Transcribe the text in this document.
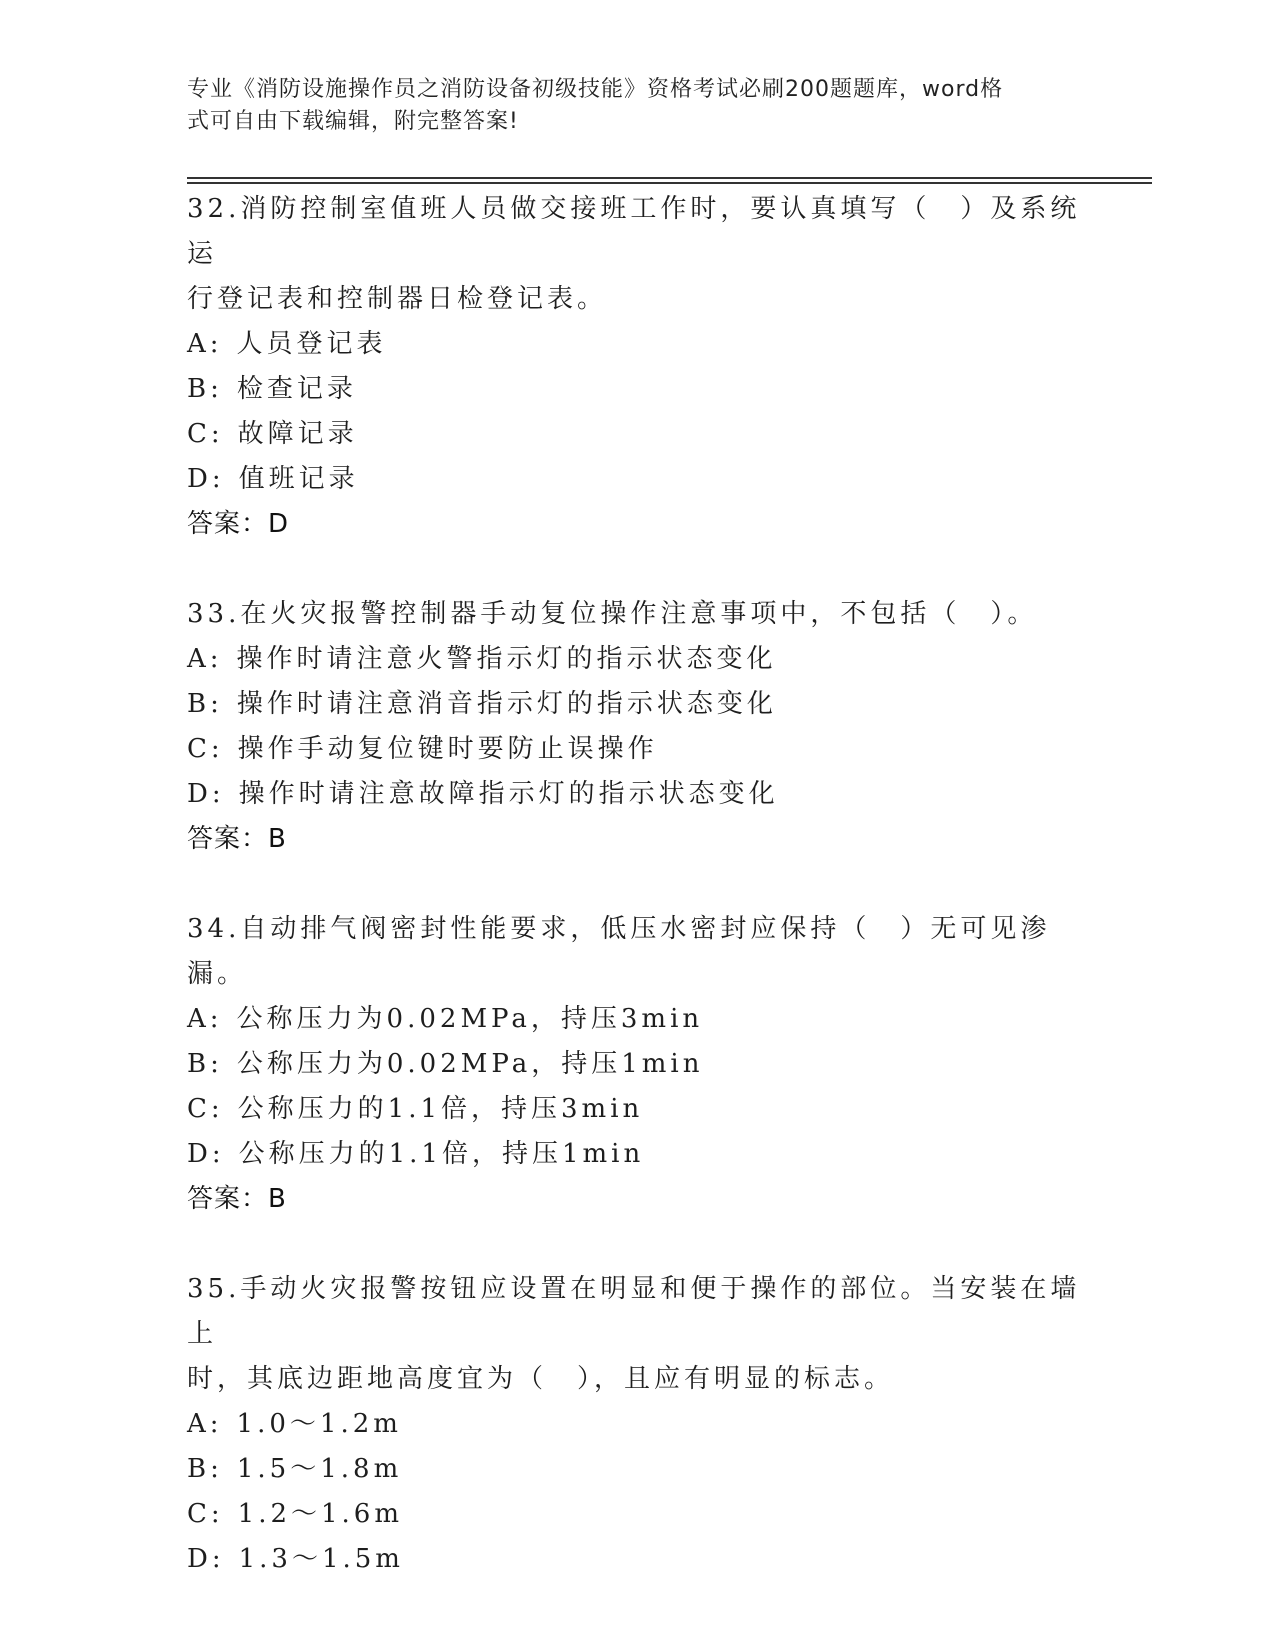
专业《消防设施操作员之消防设备初级技能》资格考试必刷200题题库，word格
式可自由下载编辑，附完整答案!

32.消防控制室值班人员做交接班工作时，要认真填写（　）及系统运

行登记表和控制器日检登记表。

A: 人员登记表

B: 检查记录

C: 故障记录

D: 值班记录

答案：D

33.在火灾报警控制器手动复位操作注意事项中，不包括（　）。

A: 操作时请注意火警指示灯的指示状态变化

B: 操作时请注意消音指示灯的指示状态变化

C: 操作手动复位键时要防止误操作

D: 操作时请注意故障指示灯的指示状态变化

答案：B

34.自动排气阀密封性能要求，低压水密封应保持（　）无可见渗漏。

A: 公称压力为0.02MPa，持压3min

B: 公称压力为0.02MPa，持压1min

C: 公称压力的1.1倍，持压3min

D: 公称压力的1.1倍，持压1min

答案：B

35.手动火灾报警按钮应设置在明显和便于操作的部位。当安装在墙上

时，其底边距地高度宜为（　），且应有明显的标志。

A: 1.0～1.2m

B: 1.5～1.8m

C: 1.2～1.6m

D: 1.3～1.5m
